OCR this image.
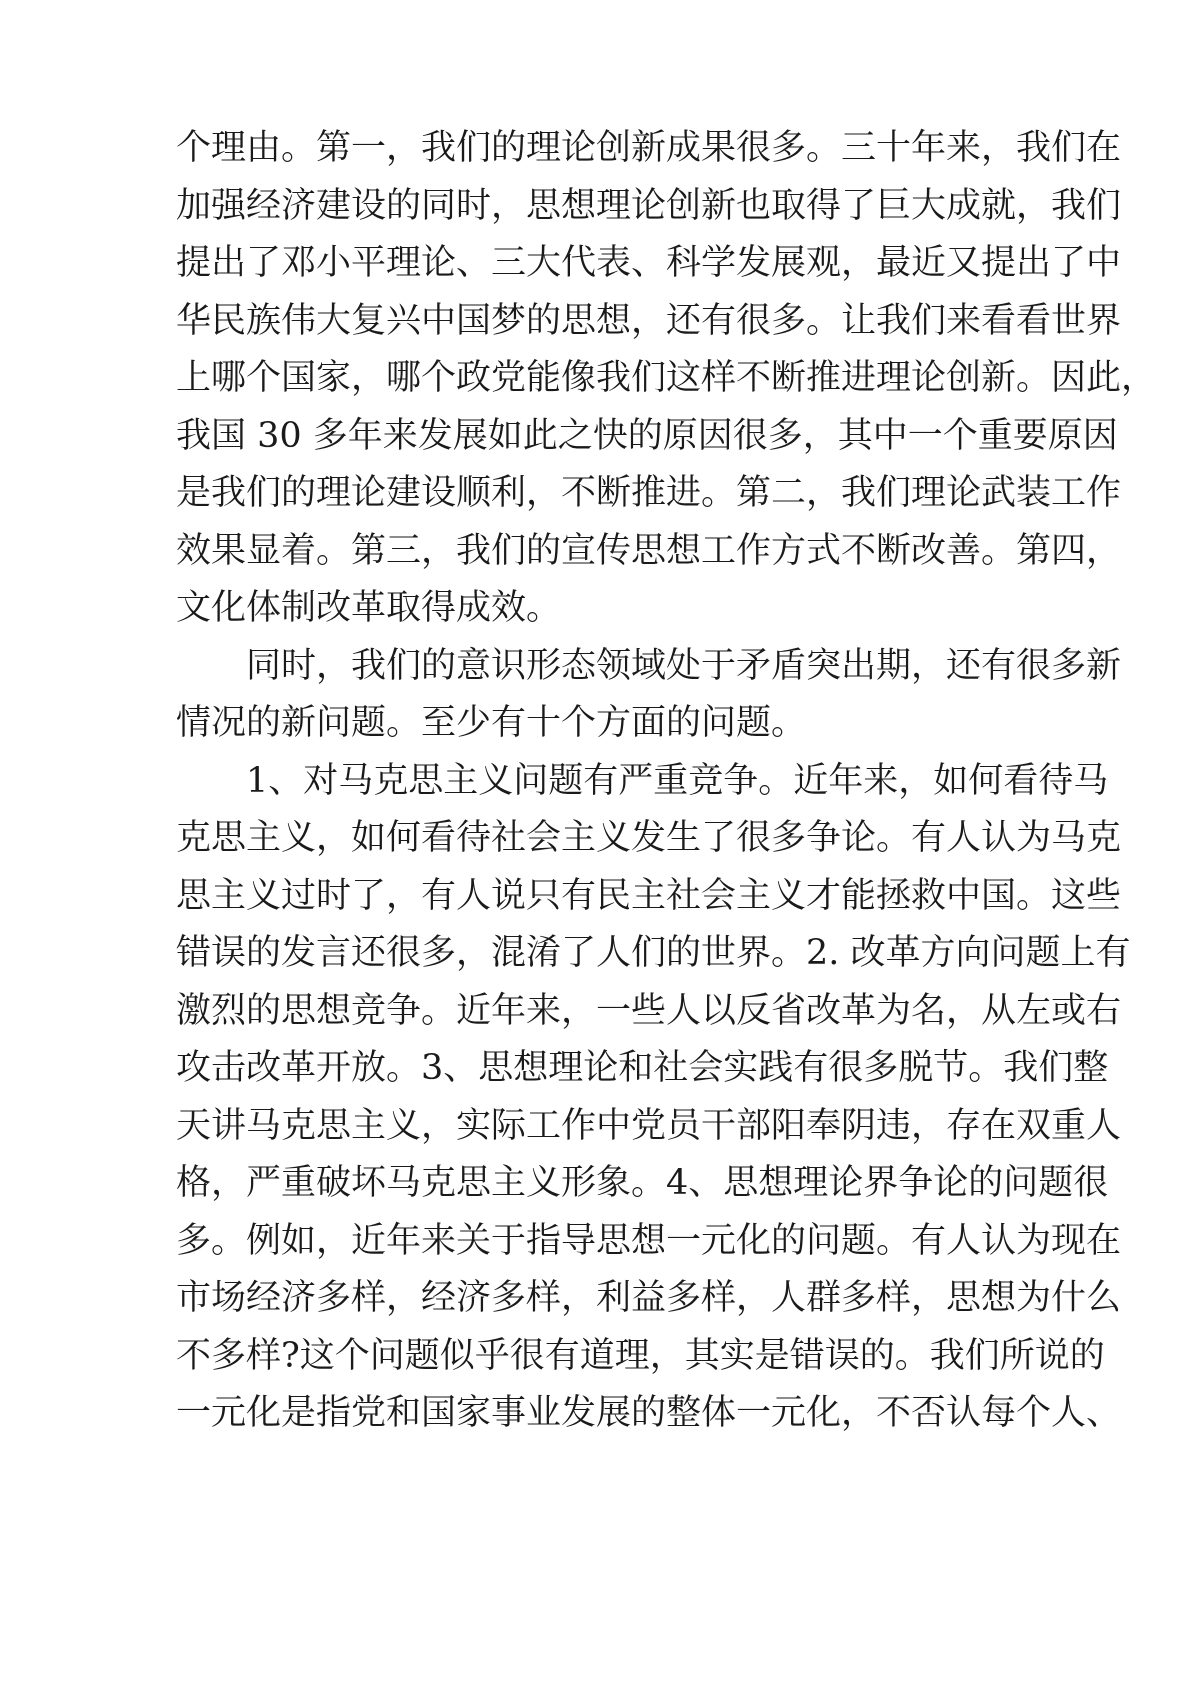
个理由。第一，我们的理论创新成果很多。三十年来，我们在
加强经济建设的同时，思想理论创新也取得了巨大成就，我们
提出了邓小平理论、三大代表、科学发展观，最近又提出了中
华民族伟大复兴中国梦的思想，还有很多。让我们来看看世界
上哪个国家，哪个政党能像我们这样不断推进理论创新。因此，
我国 30 多年来发展如此之快的原因很多，其中一个重要原因
是我们的理论建设顺利，不断推进。第二，我们理论武装工作
效果显着。第三，我们的宣传思想工作方式不断改善。第四，
文化体制改革取得成效。
同时，我们的意识形态领域处于矛盾突出期，还有很多新
情况的新问题。至少有十个方面的问题。
1、对马克思主义问题有严重竞争。近年来，如何看待马
克思主义，如何看待社会主义发生了很多争论。有人认为马克
思主义过时了，有人说只有民主社会主义才能拯救中国。这些
错误的发言还很多，混淆了人们的世界。2. 改革方向问题上有
激烈的思想竞争。近年来，一些人以反省改革为名，从左或右
攻击改革开放。3、思想理论和社会实践有很多脱节。我们整
天讲马克思主义，实际工作中党员干部阳奉阴违，存在双重人
格，严重破坏马克思主义形象。4、思想理论界争论的问题很
多。例如，近年来关于指导思想一元化的问题。有人认为现在
市场经济多样，经济多样，利益多样，人群多样，思想为什么
不多样?这个问题似乎很有道理，其实是错误的。我们所说的
一元化是指党和国家事业发展的整体一元化，不否认每个人、
